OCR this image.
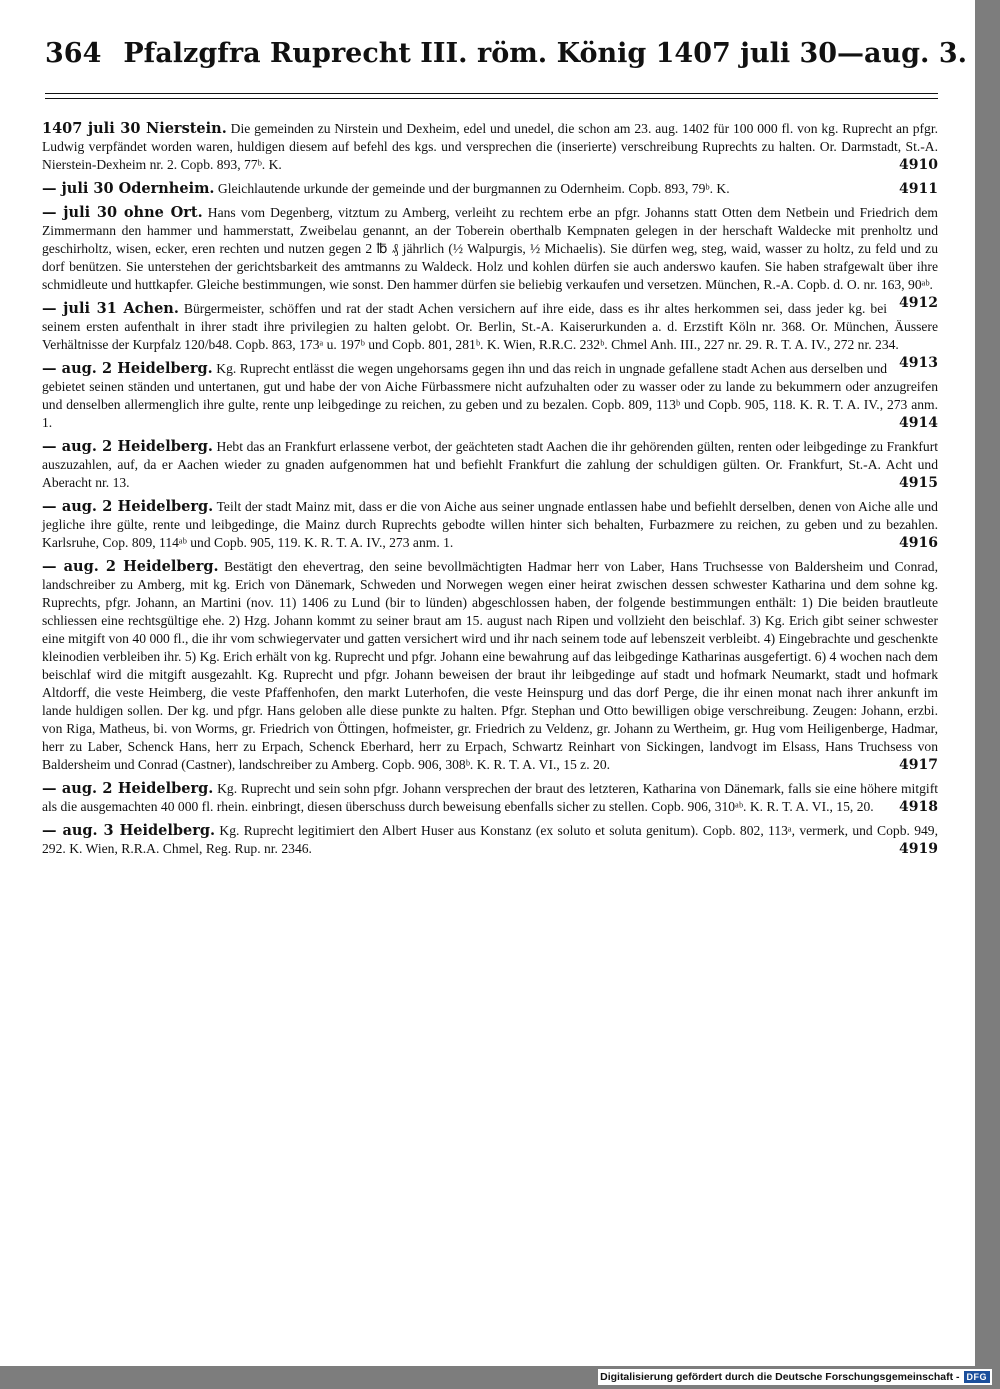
364 Pfalzgfra Ruprecht III. röm. König 1407 juli 30—aug. 3.

1407 juli 30 Nierstein. Die gemeinden zu Nirstein und Dexheim, edel und unedel, die schon am 23. aug. 1402 für 100 000 fl. von kg. Ruprecht an pfgr. Ludwig verpfändet worden waren, huldigen diesem auf befehl des kgs. und versprechen die (inserierte) verschreibung Ruprechts zu halten. Or. Darmstadt, St.-A. Nierstein-Dexheim nr. 2. Copb. 893, 77ᵇ. K.	4910

— juli 30 Odernheim. Gleichlautende urkunde der gemeinde und der burgmannen zu Odernheim. Copb. 893, 79ᵇ. K.	4911

— juli 30 ohne Ort. Hans vom Degenberg, vitztum zu Amberg, verleiht zu rechtem erbe an pfgr. Johanns statt Otten dem Netbein und Friedrich dem Zimmermann den hammer und hammerstatt, Zweibelau genannt, an der Toberein oberthalb Kempnaten gelegen in der herschaft Waldecke mit prenholtz und geschirholtz, wisen, ecker, eren rechten und nutzen gegen 2 ℔ ₰ jährlich (½ Walpurgis, ½ Michaelis). Sie dürfen weg, steg, waid, wasser zu holtz, zu feld und zu dorf benützen. Sie unterstehen der gerichtsbarkeit des amtmanns zu Waldeck. Holz und kohlen dürfen sie auch anderswo kaufen. Sie haben strafgewalt über ihre schmidleute und huttkapfer. Gleiche bestimmungen, wie sonst. Den hammer dürfen sie beliebig verkaufen und versetzen. München, R.-A. Copb. d. O. nr. 163, 90ᵃᵇ.
4912

— juli 31 Achen. Bürgermeister, schöffen und rat der stadt Achen versichern auf ihre eide, dass es ihr altes herkommen sei, dass jeder kg. bei seinem ersten aufenthalt in ihrer stadt ihre privilegien zu halten gelobt. Or. Berlin, St.-A. Kaiserurkunden a. d. Erzstift Köln nr. 368. Or. München, Äussere Verhältnisse der Kurpfalz 120/b48. Copb. 863, 173ᵃ u. 197ᵇ und Copb. 801, 281ᵇ. K. Wien, R.R.C. 232ᵇ. Chmel Anh. III., 227 nr. 29. R. T. A. IV., 272 nr. 234.
4913

— aug. 2 Heidelberg. Kg. Ruprecht entlässt die wegen ungehorsams gegen ihn und das reich in ungnade gefallene stadt Achen aus derselben und gebietet seinen ständen und untertanen, gut und habe der von Aiche Fürbassmere nicht aufzuhalten oder zu wasser oder zu lande zu bekummern oder anzugreifen und denselben allermenglich ihre gulte, rente unp leibgedinge zu reichen, zu geben und zu bezalen. Copb. 809, 113ᵇ und Copb. 905, 118. K. R. T. A. IV., 273 anm. 1.	4914

— aug. 2 Heidelberg. Hebt das an Frankfurt erlassene verbot, der geächteten stadt Aachen die ihr gehörenden gülten, renten oder leibgedinge zu Frankfurt auszuzahlen, auf, da er Aachen wieder zu gnaden aufgenommen hat und befiehlt Frankfurt die zahlung der schuldigen gülten. Or. Frankfurt, St.-A. Acht und Aberacht nr. 13.	4915

— aug. 2 Heidelberg. Teilt der stadt Mainz mit, dass er die von Aiche aus seiner ungnade entlassen habe und befiehlt derselben, denen von Aiche alle und jegliche ihre gülte, rente und leibgedinge, die Mainz durch Ruprechts gebodte willen hinter sich behalten, Furbazmere zu reichen, zu geben und zu bezahlen. Karlsruhe, Cop. 809, 114ᵃᵇ und Copb. 905, 119. K. R. T. A. IV., 273 anm. 1.	4916

— aug. 2 Heidelberg. Bestätigt den ehevertrag, den seine bevollmächtigten Hadmar herr von Laber, Hans Truchsesse von Baldersheim und Conrad, landschreiber zu Amberg, mit kg. Erich von Dänemark, Schweden und Norwegen wegen einer heirat zwischen dessen schwester Katharina und dem sohne kg. Ruprechts, pfgr. Johann, an Martini (nov. 11) 1406 zu Lund (bir to lünden) abgeschlossen haben, der folgende bestimmungen enthält: 1) Die beiden brautleute schliessen eine rechtsgültige ehe. 2) Hzg. Johann kommt zu seiner braut am 15. august nach Ripen und vollzieht den beischlaf. 3) Kg. Erich gibt seiner schwester eine mitgift von 40 000 fl., die ihr vom schwiegervater und gatten versichert wird und ihr nach seinem tode auf lebenszeit verbleibt. 4) Eingebrachte und geschenkte kleinodien verbleiben ihr. 5) Kg. Erich erhält von kg. Ruprecht und pfgr. Johann eine bewahrung auf das leibgedinge Katharinas ausgefertigt. 6) 4 wochen nach dem beischlaf wird die mitgift ausgezahlt. Kg. Ruprecht und pfgr. Johann beweisen der braut ihr leibgedinge auf stadt und hofmark Neumarkt, stadt und hofmark Altdorff, die veste Heimberg, die veste Pfaffenhofen, den markt Luterhofen, die veste Heinspurg und das dorf Perge, die ihr einen monat nach ihrer ankunft im lande huldigen sollen. Der kg. und pfgr. Hans geloben alle diese punkte zu halten. Pfgr. Stephan und Otto bewilligen obige verschreibung. Zeugen: Johann, erzbi. von Riga, Matheus, bi. von Worms, gr. Friedrich von Öttingen, hofmeister, gr. Friedrich zu Veldenz, gr. Johann zu Wertheim, gr. Hug vom Heiligenberge, Hadmar, herr zu Laber, Schenck Hans, herr zu Erpach, Schenck Eberhard, herr zu Erpach, Schwartz Reinhart von Sickingen, landvogt im Elsass, Hans Truchsess von Baldersheim und Conrad (Castner), landschreiber zu Amberg. Copb. 906, 308ᵇ. K. R. T. A. VI., 15 z. 20.	4917

— aug. 2 Heidelberg. Kg. Ruprecht und sein sohn pfgr. Johann versprechen der braut des letzteren, Katharina von Dänemark, falls sie eine höhere mitgift als die ausgemachten 40 000 fl. rhein. einbringt, diesen überschuss durch beweisung ebenfalls sicher zu stellen. Copb. 906, 310ᵃᵇ. K. R. T. A. VI., 15, 20. 4918

— aug. 3 Heidelberg. Kg. Ruprecht legitimiert den Albert Huser aus Konstanz (ex soluto et soluta genitum). Copb. 802, 113ᵃ, vermerk, und Copb. 949, 292. K. Wien, R.R.A. Chmel, Reg. Rup. nr. 2346.	4919

Digitalisierung gefördert durch die Deutsche Forschungsgemeinschaft - DFG
